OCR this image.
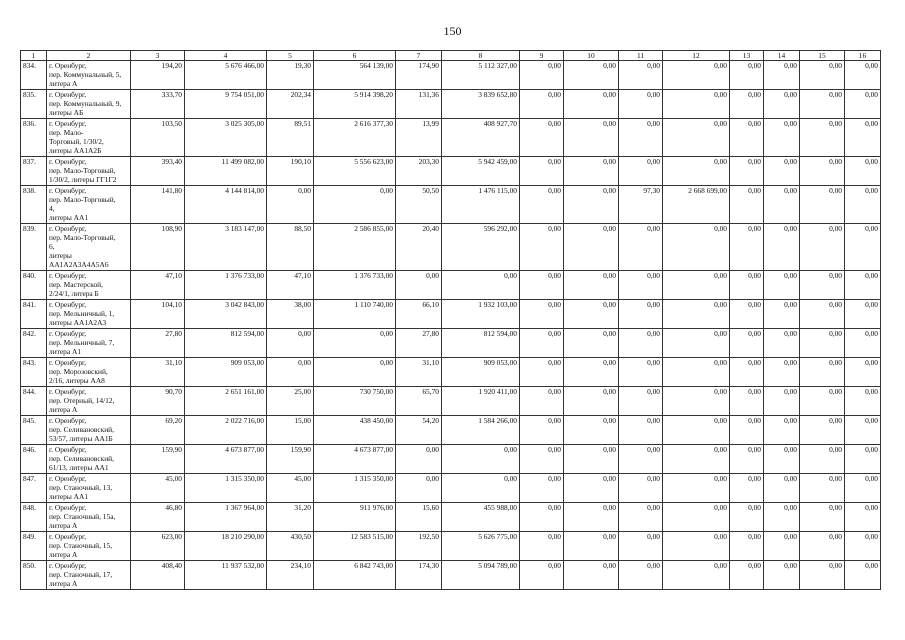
150
1	2	3	4	5	6	7	8	9	10	11	12	13	14	15	16
834.	г. Оренбург,
пер. Коммунальный, 5,
литера А	194,20	5 676 466,00	19,30	564 139,00	174,90	5 112 327,00	0,00	0,00	0,00	0,00	0,00	0,00	0,00	0,00
835.	г. Оренбург,
пер. Коммунальный, 9,
литеры АБ	333,70	9 754 051,00	202,34	5 914 398,20	131,36	3 839 652,80	0,00	0,00	0,00	0,00	0,00	0,00	0,00	0,00
836.	г. Оренбург,
пер. Мало-
Торговый, 1/30/2,
литеры АА1А2Б	103,50	3 025 305,00	89,51	2 616 377,30	13,99	408 927,70	0,00	0,00	0,00	0,00	0,00	0,00	0,00	0,00
837.	г. Оренбург,
пер. Мало-Торговый,
1/30/2, литеры ГГ1Г2	393,40	11 499 082,00	190,10	5 556 623,00	203,30	5 942 459,00	0,00	0,00	0,00	0,00	0,00	0,00	0,00	0,00
838.	г. Оренбург,
пер. Мало-Торговый,
4,
литеры АА1	141,80	4 144 814,00	0,00	0,00	50,50	1 476 115,00	0,00	0,00	97,30	2 668 699,00	0,00	0,00	0,00	0,00
839.	г. Оренбург,
пер. Мало-Торговый,
6,
литеры
АА1А2А3А4А5А6	108,90	3 183 147,00	88,50	2 586 855,00	20,40	596 292,00	0,00	0,00	0,00	0,00	0,00	0,00	0,00	0,00
840.	г. Оренбург,
пер. Мастерской,
2/24/1, литера Б	47,10	1 376 733,00	47,10	1 376 733,00	0,00	0,00	0,00	0,00	0,00	0,00	0,00	0,00	0,00	0,00
841.	г. Оренбург,
пер. Мельничный, 1,
литеры АА1А2А3	104,10	3 042 843,00	38,00	1 110 740,00	66,10	1 932 103,00	0,00	0,00	0,00	0,00	0,00	0,00	0,00	0,00
842.	г. Оренбург,
пер. Мельничный, 7,
литера А1	27,80	812 594,00	0,00	0,00	27,80	812 594,00	0,00	0,00	0,00	0,00	0,00	0,00	0,00	0,00
843.	г. Оренбург,
пер. Морозовский,
2/16, литеры АА8	31,10	909 053,00	0,00	0,00	31,10	909 053,00	0,00	0,00	0,00	0,00	0,00	0,00	0,00	0,00
844.	г. Оренбург,
пер. Отерный, 14/12,
литера А	90,70	2 651 161,00	25,00	730 750,00	65,70	1 920 411,00	0,00	0,00	0,00	0,00	0,00	0,00	0,00	0,00
845.	г. Оренбург,
пер. Селивановский,
53/57, литеры АА1Б	69,20	2 022 716,00	15,00	438 450,00	54,20	1 584 266,00	0,00	0,00	0,00	0,00	0,00	0,00	0,00	0,00
846.	г. Оренбург,
пер. Селивановский,
61/13, литеры АА1	159,90	4 673 877,00	159,90	4 673 877,00	0,00	0,00	0,00	0,00	0,00	0,00	0,00	0,00	0,00	0,00
847.	г. Оренбург,
пер. Станочный, 13,
литеры АА1	45,00	1 315 350,00	45,00	1 315 350,00	0,00	0,00	0,00	0,00	0,00	0,00	0,00	0,00	0,00	0,00
848.	г. Оренбург,
пер. Станочный, 15а,
литера А	46,80	1 367 964,00	31,20	911 976,00	15,60	455 988,00	0,00	0,00	0,00	0,00	0,00	0,00	0,00	0,00
849.	г. Оренбург,
пер. Станочный, 15,
литера А	623,00	18 210 290,00	430,50	12 583 515,00	192,50	5 626 775,00	0,00	0,00	0,00	0,00	0,00	0,00	0,00	0,00
850.	г. Оренбург,
пер. Станочный, 17,
литера А	408,40	11 937 532,00	234,10	6 842 743,00	174,30	5 094 789,00	0,00	0,00	0,00	0,00	0,00	0,00	0,00	0,00
